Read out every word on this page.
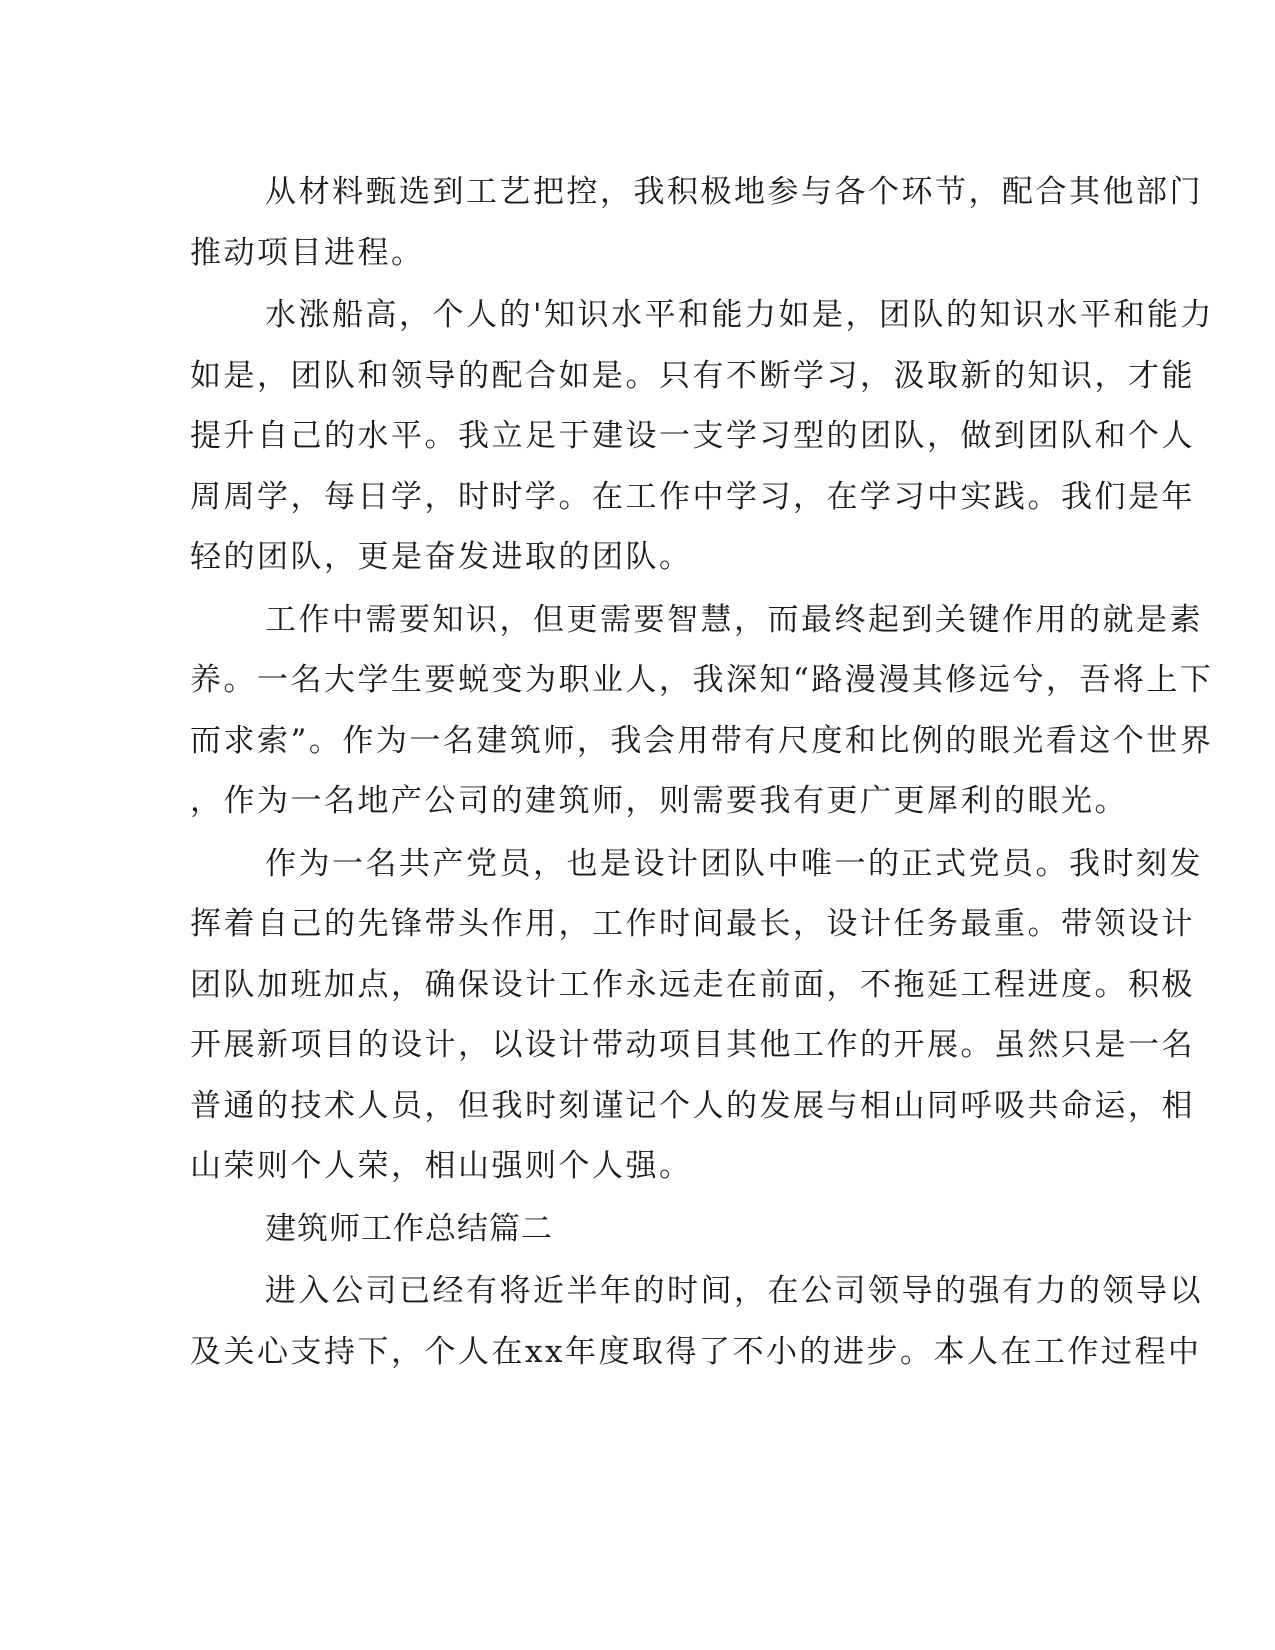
从材料甄选到工艺把控，我积极地参与各个环节，配合其他部门
推动项目进程。
水涨船高，个人的'知识水平和能力如是，团队的知识水平和能力
如是，团队和领导的配合如是。只有不断学习，汲取新的知识，才能
提升自己的水平。我立足于建设一支学习型的团队，做到团队和个人
周周学，每日学，时时学。在工作中学习，在学习中实践。我们是年
轻的团队，更是奋发进取的团队。
工作中需要知识，但更需要智慧，而最终起到关键作用的就是素
养。一名大学生要蜕变为职业人，我深知“路漫漫其修远兮，吾将上下
而求索”。作为一名建筑师，我会用带有尺度和比例的眼光看这个世界
，作为一名地产公司的建筑师，则需要我有更广更犀利的眼光。
作为一名共产党员，也是设计团队中唯一的正式党员。我时刻发
挥着自己的先锋带头作用，工作时间最长，设计任务最重。带领设计
团队加班加点，确保设计工作永远走在前面，不拖延工程进度。积极
开展新项目的设计，以设计带动项目其他工作的开展。虽然只是一名
普通的技术人员，但我时刻谨记个人的发展与相山同呼吸共命运，相
山荣则个人荣，相山强则个人强。
建筑师工作总结篇二
进入公司已经有将近半年的时间，在公司领导的强有力的领导以
及关心支持下，个人在xx年度取得了不小的进步。本人在工作过程中
